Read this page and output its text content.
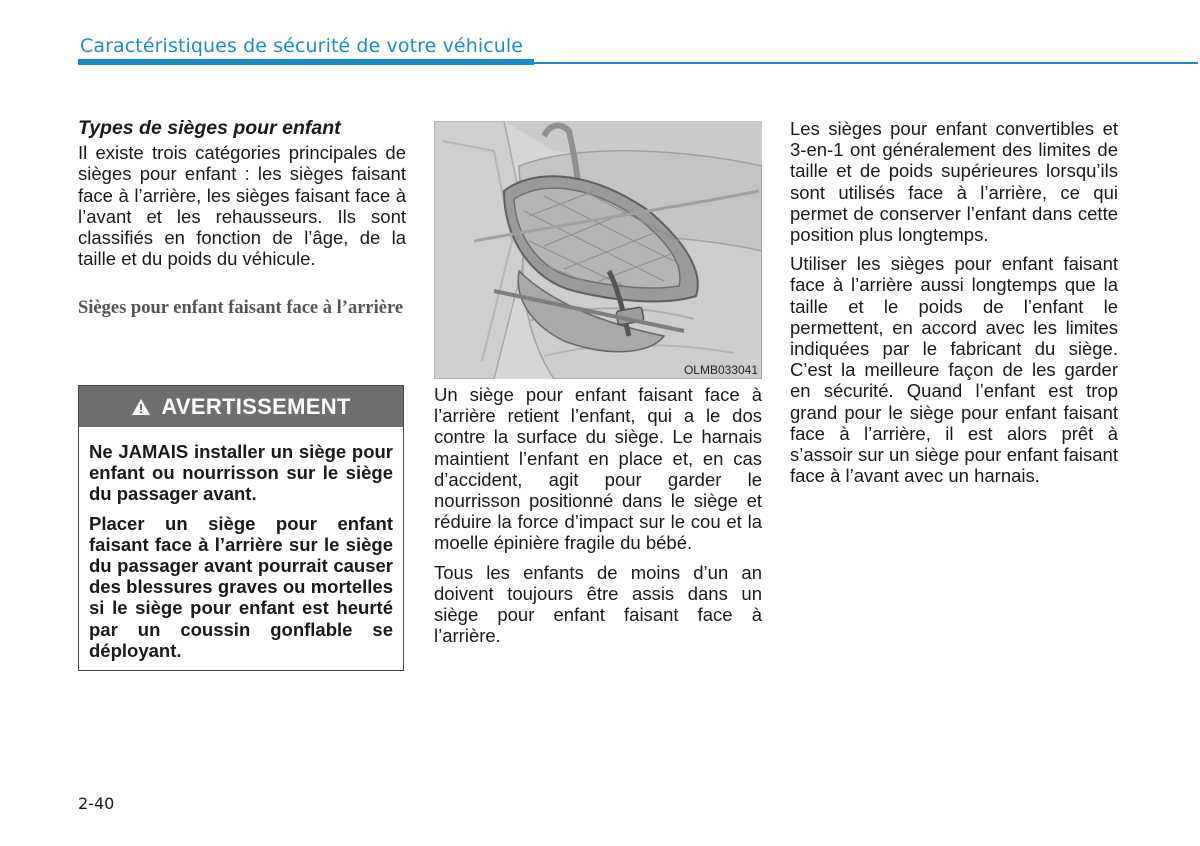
Caractéristiques de sécurité de votre véhicule

Types de sièges pour enfant

Il existe trois catégories principales de sièges pour enfant : les sièges faisant face à l’arrière, les sièges faisant face à l’avant et les rehausseurs. Ils sont classifiés en fonction de l’âge, de la taille et du poids du véhicule.

Sièges pour enfant faisant face à l’arrière

AVERTISSEMENT

Ne JAMAIS installer un siège pour enfant ou nourrisson sur le siège du passager avant.

Placer un siège pour enfant faisant face à l’arrière sur le siège du passager avant pourrait causer des blessures graves ou mortelles si le siège pour enfant est heurté par un coussin gonflable se déployant.

OLMB033041

Un siège pour enfant faisant face à l’arrière retient l’enfant, qui a le dos contre la surface du siège. Le harnais maintient l’enfant en place et, en cas d’accident, agit pour garder le nourrisson positionné dans le siège et réduire la force d’impact sur le cou et la moelle épinière fragile du bébé.

Tous les enfants de moins d’un an doivent toujours être assis dans un siège pour enfant faisant face à l’arrière.

Les sièges pour enfant convertibles et 3-en-1 ont généralement des limites de taille et de poids supérieures lorsqu’ils sont utilisés face à l’arrière, ce qui permet de conserver l’enfant dans cette position plus longtemps.

Utiliser les sièges pour enfant faisant face à l’arrière aussi longtemps que la taille et le poids de l’enfant le permettent, en accord avec les limites indiquées par le fabricant du siège. C’est la meilleure façon de les garder en sécurité. Quand l’enfant est trop grand pour le siège pour enfant faisant face à l’arrière, il est alors prêt à s’assoir sur un siège pour enfant faisant face à l’avant avec un harnais.

2-40
